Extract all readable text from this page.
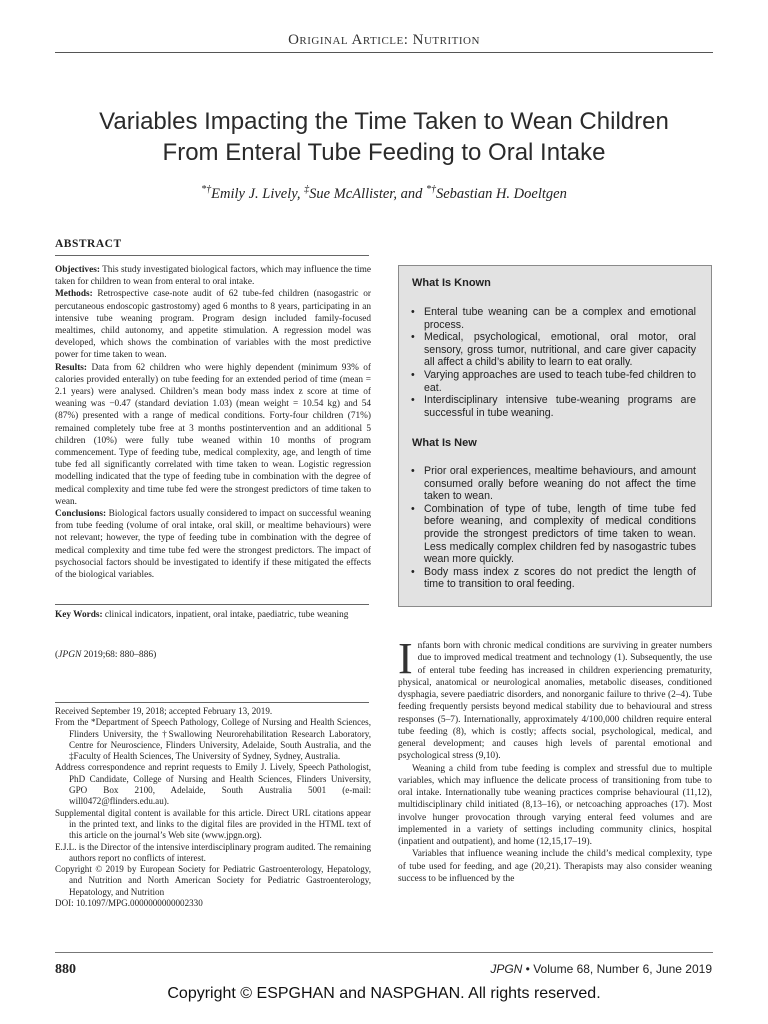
Original Article: Nutrition
Variables Impacting the Time Taken to Wean Children
From Enteral Tube Feeding to Oral Intake
*†Emily J. Lively, ‡Sue McAllister, and *†Sebastian H. Doeltgen
ABSTRACT

Objectives: This study investigated biological factors, which may influence the time taken for children to wean from enteral to oral intake.

Methods: Retrospective case-note audit of 62 tube-fed children (nasogastric or percutaneous endoscopic gastrostomy) aged 6 months to 8 years, participating in an intensive tube weaning program. Program design included family-focused mealtimes, child autonomy, and appetite stimulation. A regression model was developed, which shows the combination of variables with the most predictive power for time taken to wean.

Results: Data from 62 children who were highly dependent (minimum 93% of calories provided enterally) on tube feeding for an extended period of time (mean = 2.1 years) were analysed. Children’s mean body mass index z score at time of weaning was −0.47 (standard deviation 1.03) (mean weight = 10.54 kg) and 54 (87%) presented with a range of medical conditions. Forty-four children (71%) remained completely tube free at 3 months postintervention and an additional 5 children (10%) were fully tube weaned within 10 months of program commencement. Type of feeding tube, medical complexity, age, and length of time tube fed all significantly correlated with time taken to wean. Logistic regression modelling indicated that the type of feeding tube in combination with the degree of medical complexity and time tube fed were the strongest predictors of time taken to wean.

Conclusions: Biological factors usually considered to impact on successful weaning from tube feeding (volume of oral intake, oral skill, or mealtime behaviours) were not relevant; however, the type of feeding tube in combination with the degree of medical complexity and time tube fed were the strongest predictors. The impact of psychosocial factors should be investigated to identify if these mitigated the effects of the biological variables.

Key Words: clinical indicators, inpatient, oral intake, paediatric, tube weaning
(JPGN 2019;68: 880–886)

Received September 19, 2018; accepted February 13, 2019.

From the *Department of Speech Pathology, College of Nursing and Health Sciences, Flinders University, the †Swallowing Neurorehabilitation Research Laboratory, Centre for Neuroscience, Flinders University, Adelaide, South Australia, and the ‡Faculty of Health Sciences, The University of Sydney, Sydney, Australia.

Address correspondence and reprint requests to Emily J. Lively, Speech Pathologist, PhD Candidate, College of Nursing and Health Sciences, Flinders University, GPO Box 2100, Adelaide, South Australia 5001 (e-mail: will0472@flinders.edu.au).

Supplemental digital content is available for this article. Direct URL citations appear in the printed text, and links to the digital files are provided in the HTML text of this article on the journal’s Web site (www.jpgn.org).

E.J.L. is the Director of the intensive interdisciplinary program audited. The remaining authors report no conflicts of interest.

Copyright © 2019 by European Society for Pediatric Gastroenterology, Hepatology, and Nutrition and North American Society for Pediatric Gastroenterology, Hepatology, and Nutrition

DOI: 10.1097/MPG.0000000000002330

What Is Known
• Enteral tube weaning can be a complex and emotional process.
• Medical, psychological, emotional, oral motor, oral sensory, gross tumor, nutritional, and care giver capacity all affect a child’s ability to learn to eat orally.
• Varying approaches are used to teach tube-fed children to eat.
• Interdisciplinary intensive tube-weaning programs are successful in tube weaning.
What Is New
• Prior oral experiences, mealtime behaviours, and amount consumed orally before weaning do not affect the time taken to wean.
• Combination of type of tube, length of time tube fed before weaning, and complexity of medical conditions provide the strongest predictors of time taken to wean. Less medically complex children fed by nasogastric tubes wean more quickly.
• Body mass index z scores do not predict the length of time to transition to oral feeding.

Infants born with chronic medical conditions are surviving in greater numbers due to improved medical treatment and technology (1). Subsequently, the use of enteral tube feeding has increased in children experiencing prematurity, physical, anatomical or neurological anomalies, metabolic diseases, conditioned dysphagia, severe paediatric disorders, and nonorganic failure to thrive (2–4). Tube feeding frequently persists beyond medical stability due to behavioural and stress responses (5–7). Internationally, approximately 4/100,000 children require enteral tube feeding (8), which is costly; affects social, psychological, medical, and general development; and causes high levels of parental emotional and psychological stress (9,10).

Weaning a child from tube feeding is complex and stressful due to multiple variables, which may influence the delicate process of transitioning from tube to oral intake. Internationally tube weaning practices comprise behavioural (11,12), multidisciplinary child initiated (8,13–16), or netcoaching approaches (17). Most involve hunger provocation through varying enteral feed volumes and are implemented in a variety of settings including community clinics, hospital (inpatient and outpatient), and home (12,15,17–19).

Variables that influence weaning include the child’s medical complexity, type of tube used for feeding, and age (20,21). Therapists may also consider weaning success to be influenced by the

880	JPGN • Volume 68, Number 6, June 2019
Copyright © ESPGHAN and NASPGHAN. All rights reserved.
